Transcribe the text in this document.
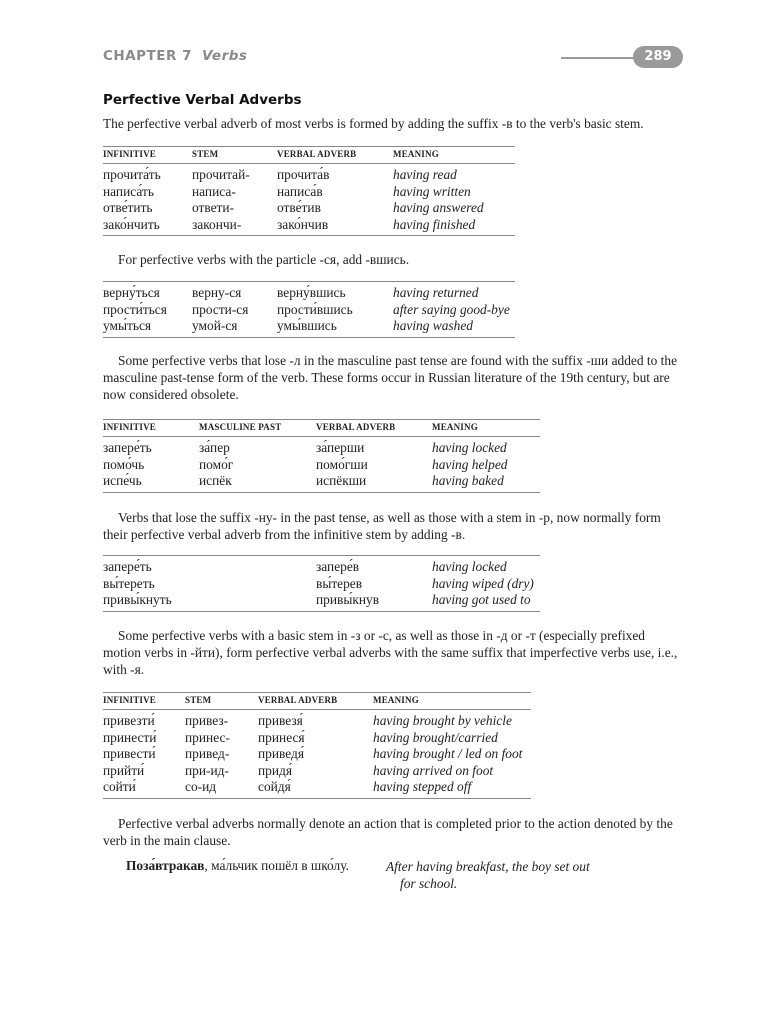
CHAPTER 7 Verbs	289
Perfective Verbal Adverbs

The perfective verbal adverb of most verbs is formed by adding the suffix -в to the verb's basic stem.

INFINITIVE	STEM	VERBAL ADVERB	MEANING
прочита́ть прочитай- прочита́в	having read
написа́ть	написа-	написа́в	having written
отве́тить	ответи-	отве́тив	having answered
зако́нчить закончи-	зако́нчив	having finished

For perfective verbs with the particle -ся, add -вшись.

верну́ться верну-ся	верну́вшись	having returned
прости́ться прости-ся прости́вшись	after saying good-bye
умы́ться	умой-ся	умы́вшись	having washed

Some perfective verbs that lose -л in the masculine past tense are found with the suffix -ши added to the masculine past-tense form of the verb. These forms occur in Russian literature of the 19th century, but are now considered obsolete.

INFINITIVE	MASCULINE PAST	VERBAL ADVERB	MEANING
запере́ть	за́пер	за́перши	having locked
помо́чь	помо́г	помо́гши	having helped
испе́чь	испёк	испёкши	having baked

Verbs that lose the suffix -ну- in the past tense, as well as those with a stem in -р, now normally form their perfective verbal adverb from the infinitive stem by adding -в.

запере́ть	запере́в	having locked
вы́тереть	вы́терев	having wiped (dry)
привы́кнуть	привы́кнув	having got used to

Some perfective verbs with a basic stem in -з or -с, as well as those in -д or -т (especially prefixed motion verbs in -йти), form perfective verbal adverbs with the same suffix that imperfective verbs use, i.e., with -я.

INFINITIVE	STEM	VERBAL ADVERB	MEANING
привезти́ привез- привезя́	having brought by vehicle
принести́ принес- принеся́	having brought/carried
привести́ привед- приведя́	having brought / led on foot
прийти́	при-ид- придя́	having arrived on foot
сойти́	со-ид	сойдя́	having stepped off

Perfective verbal adverbs normally denote an action that is completed prior to the action denoted by the verb in the main clause.

Поза́втракав, ма́льчик пошёл в шко́лу.	After having breakfast, the boy set out
for school.
